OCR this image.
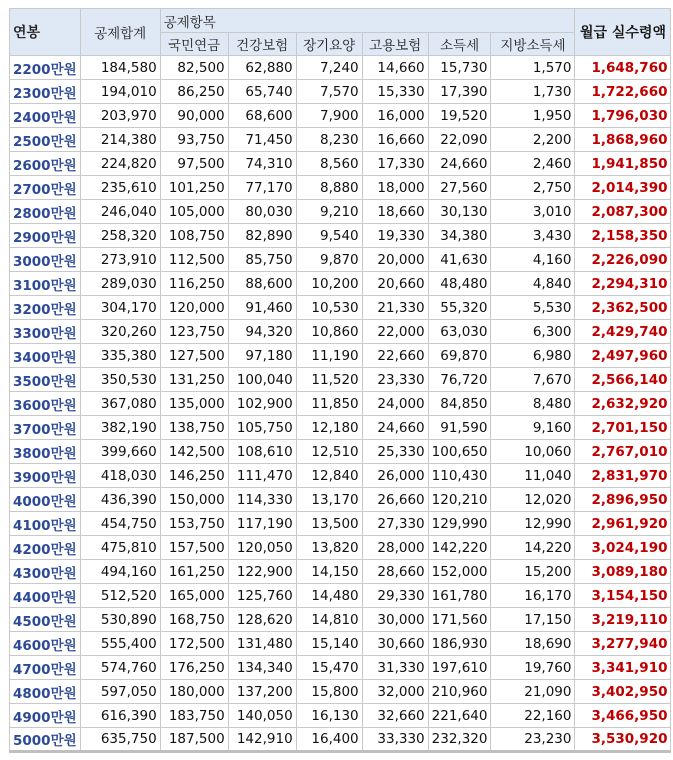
연봉	공제합계	공제항목						월급 실수령액
		국민연금	건강보험	장기요양	고용보험	소득세	지방소득세	
2200만원	184,580	82,500	62,880	7,240	14,660	15,730	1,570	1,648,760
2300만원	194,010	86,250	65,740	7,570	15,330	17,390	1,730	1,722,660
2400만원	203,970	90,000	68,600	7,900	16,000	19,520	1,950	1,796,030
2500만원	214,380	93,750	71,450	8,230	16,660	22,090	2,200	1,868,960
2600만원	224,820	97,500	74,310	8,560	17,330	24,660	2,460	1,941,850
2700만원	235,610	101,250	77,170	8,880	18,000	27,560	2,750	2,014,390
2800만원	246,040	105,000	80,030	9,210	18,660	30,130	3,010	2,087,300
2900만원	258,320	108,750	82,890	9,540	19,330	34,380	3,430	2,158,350
3000만원	273,910	112,500	85,750	9,870	20,000	41,630	4,160	2,226,090
3100만원	289,030	116,250	88,600	10,200	20,660	48,480	4,840	2,294,310
3200만원	304,170	120,000	91,460	10,530	21,330	55,320	5,530	2,362,500
3300만원	320,260	123,750	94,320	10,860	22,000	63,030	6,300	2,429,740
3400만원	335,380	127,500	97,180	11,190	22,660	69,870	6,980	2,497,960
3500만원	350,530	131,250	100,040	11,520	23,330	76,720	7,670	2,566,140
3600만원	367,080	135,000	102,900	11,850	24,000	84,850	8,480	2,632,920
3700만원	382,190	138,750	105,750	12,180	24,660	91,590	9,160	2,701,150
3800만원	399,660	142,500	108,610	12,510	25,330	100,650	10,060	2,767,010
3900만원	418,030	146,250	111,470	12,840	26,000	110,430	11,040	2,831,970
4000만원	436,390	150,000	114,330	13,170	26,660	120,210	12,020	2,896,950
4100만원	454,750	153,750	117,190	13,500	27,330	129,990	12,990	2,961,920
4200만원	475,810	157,500	120,050	13,820	28,000	142,220	14,220	3,024,190
4300만원	494,160	161,250	122,900	14,150	28,660	152,000	15,200	3,089,180
4400만원	512,520	165,000	125,760	14,480	29,330	161,780	16,170	3,154,150
4500만원	530,890	168,750	128,620	14,810	30,000	171,560	17,150	3,219,110
4600만원	555,400	172,500	131,480	15,140	30,660	186,930	18,690	3,277,940
4700만원	574,760	176,250	134,340	15,470	31,330	197,610	19,760	3,341,910
4800만원	597,050	180,000	137,200	15,800	32,000	210,960	21,090	3,402,950
4900만원	616,390	183,750	140,050	16,130	32,660	221,640	22,160	3,466,950
5000만원	635,750	187,500	142,910	16,400	33,330	232,320	23,230	3,530,920
